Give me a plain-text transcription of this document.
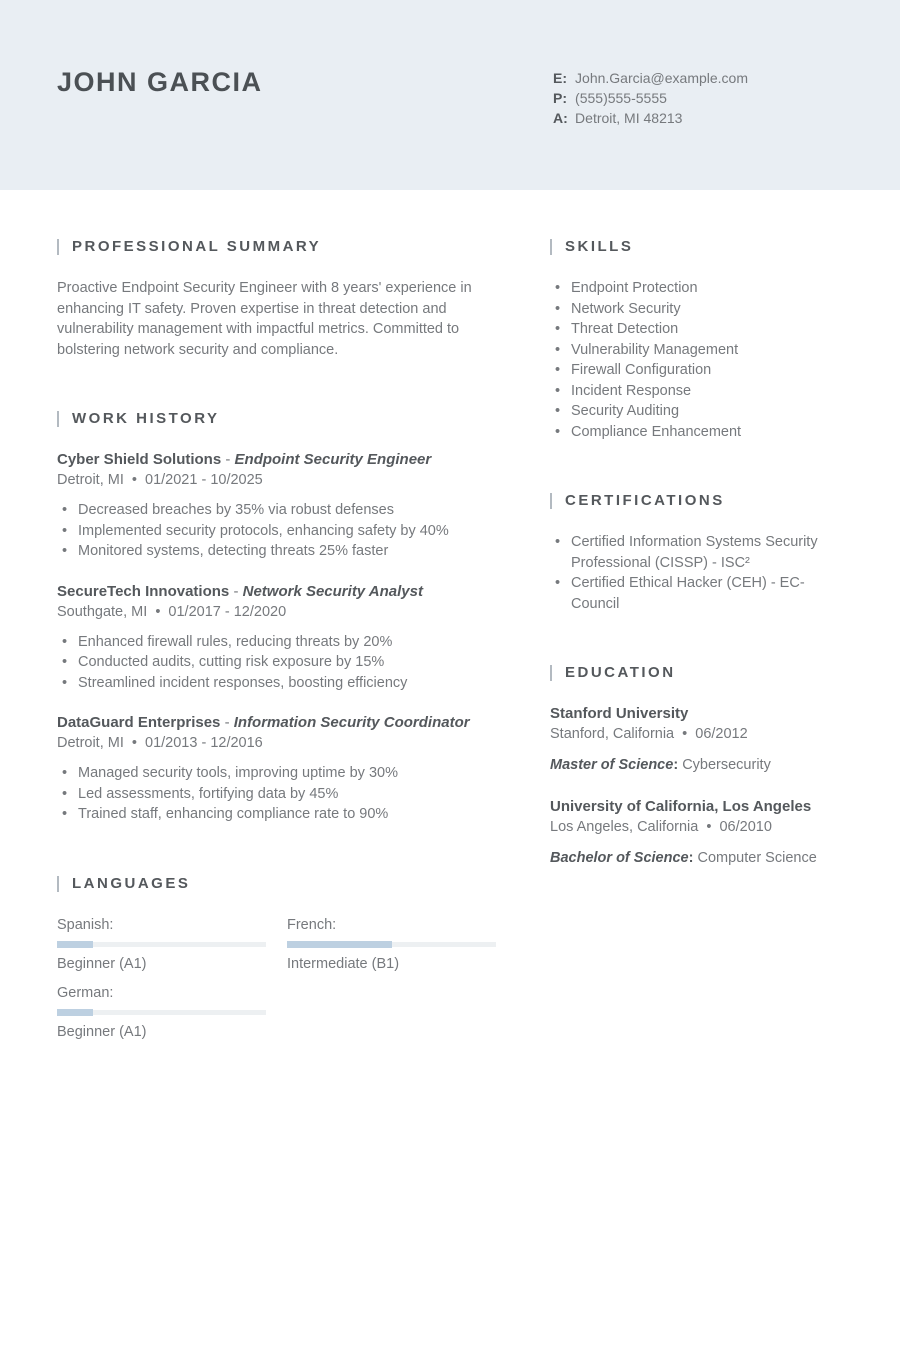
JOHN GARCIA	E: John.Garcia@example.com
P: (555)555-5555
A: Detroit, MI 48213
PROFESSIONAL SUMMARY

Proactive Endpoint Security Engineer with 8 years' experience in enhancing IT safety. Proven expertise in threat detection and vulnerability management with impactful metrics. Committed to bolstering network security and compliance.

WORK HISTORY
Cyber Shield Solutions - Endpoint Security Engineer
Detroit, MI • 01/2021 - 10/2025
• Decreased breaches by 35% via robust defenses
• Implemented security protocols, enhancing safety by 40%
• Monitored systems, detecting threats 25% faster
SecureTech Innovations - Network Security Analyst
Southgate, MI • 01/2017 - 12/2020
• Enhanced firewall rules, reducing threats by 20%
• Conducted audits, cutting risk exposure by 15%
• Streamlined incident responses, boosting efficiency
DataGuard Enterprises - Information Security Coordinator
Detroit, MI • 01/2013 - 12/2016
• Managed security tools, improving uptime by 30%
• Led assessments, fortifying data by 45%
• Trained staff, enhancing compliance rate to 90%
LANGUAGES
Spanish:
Beginner (A1)
French:
Intermediate (B1)
German:
Beginner (A1)
SKILLS
• Endpoint Protection
• Network Security
• Threat Detection
• Vulnerability Management
• Firewall Configuration
• Incident Response
• Security Auditing
• Compliance Enhancement
CERTIFICATIONS
• Certified Information Systems Security Professional (CISSP) - ISC²
• Certified Ethical Hacker (CEH) - EC-Council
EDUCATION
Stanford University
Stanford, California • 06/2012
Master of Science: Cybersecurity
University of California, Los Angeles
Los Angeles, California • 06/2010
Bachelor of Science: Computer Science
